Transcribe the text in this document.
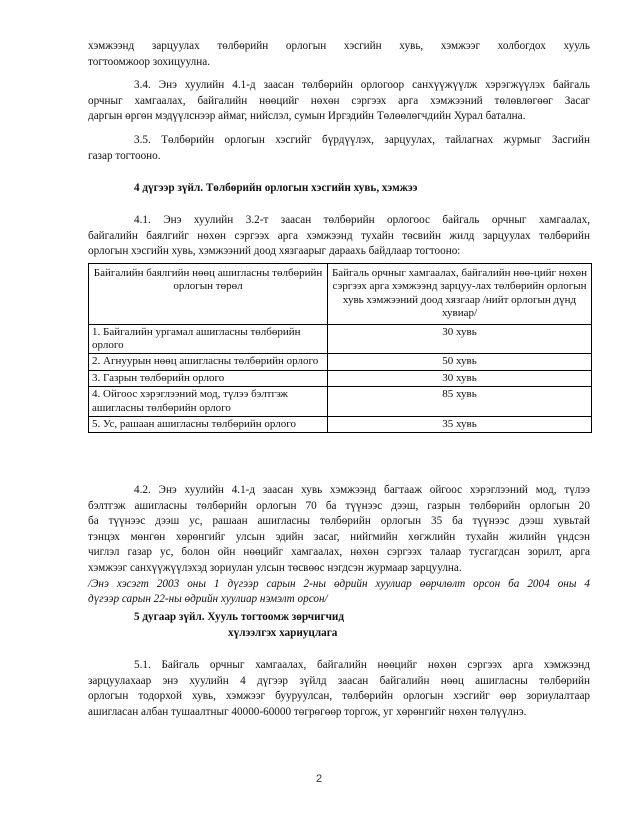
хэмжээнд зарцуулах төлбөрийн орлогын хэсгийн хувь, хэмжээг холбогдох хууль
тогтоомжоор зохицуулна.
3.4. Энэ хуулийн 4.1-д заасан төлбөрийн орлогоор санхүүжүүлж хэрэгжүүлэх байгаль
орчныг хамгаалах, байгалийн нөөцийг нөхөн сэргээх арга хэмжээний төлөвлөгөөг Засаг
даргын өргөн мэдүүлснээр аймаг, нийслэл, сумын Иргэдийн Төлөөлөгчдийн Хурал батална.
3.5. Төлбөрийн орлогын хэсгийг бүрдүүлэх, зарцуулах, тайлагнах журмыг Засгийн
газар тогтооно.
4 дүгээр зүйл. Төлбөрийн орлогын хэсгийн хувь, хэмжээ
4.1. Энэ хуулийн 3.2-т заасан төлбөрийн орлогоос байгаль орчныг хамгаалах,
байгалийн баялгийг нөхөн сэргээх арга хэмжээнд тухайн төсвийн жилд зарцуулах төлбөрийн
орлогын хэсгийн хувь, хэмжээний доод хязгаарыг дараахь байдлаар тогтооно:
Байгалийн баялгийн нөөц ашигласны төлбөрийн орлогын төрөл	Байгаль орчныг хамгаалах, байгалийн нөө-цийг нөхөн сэргээх арга хэмжээнд зарцуу-лах төлбөрийн орлогын хувь хэмжээний доод хязгаар /нийт орлогын дүнд хувиар/
1. Байгалийн ургамал ашигласны төлбөрийн орлого	30 хувь
2. Агнуурын нөөц ашигласны төлбөрийн орлого	50 хувь
3. Газрын төлбөрийн орлого	30 хувь
4. Ойгоос хэрэглээний мод, түлээ бэлтгэж ашигласны төлбөрийн орлого	85 хувь
5. Ус, рашаан ашигласны төлбөрийн орлого	35 хувь
4.2. Энэ хуулийн 4.1-д заасан хувь хэмжээнд багтааж ойгоос хэрэглээний мод, түлээ
бэлтгэж ашигласны төлбөрийн орлогын 70 ба түүнээс дээш, газрын төлбөрийн орлогын 20
ба түүнээс дээш ус, рашаан ашигласны төлбөрийн орлогын 35 ба түүнээс дээш хувьтай
тэнцэх мөнгөн хөрөнгийг улсын эдийн засаг, нийгмийн хөгжлийн тухайн жилийн үндсэн
чиглэл газар ус, болон ойн нөөцийг хамгаалах, нөхөн сэргээх талаар тусгагдсан зорилт, арга
хэмжээг санхүүжүүлэхэд зориулан улсын төсвөөс нэгдсэн журмаар зарцуулна.
/Энэ хэсэгт 2003 оны 1 дүгээр сарын 2-ны өдрийн хуулиар өөрчлөлт орсон ба 2004 оны 4
дүгээр сарын 22-ны өдрийн хуулиар нэмэлт орсон/
5 дугаар зүйл. Хууль тогтоомж зөрчигчид
хүлээлгэх хариуцлага
5.1. Байгаль орчныг хамгаалах, байгалийн нөөцийг нөхөн сэргээх арга хэмжээнд
зарцуулахаар энэ хуулийн 4 дүгээр зүйлд заасан байгалийн нөөц ашигласны төлбөрийн
орлогын тодорхой хувь, хэмжээг бууруулсан, төлбөрийн орлогын хэсгийг өөр зориулалтаар
ашигласан албан тушаалтныг 40000-60000 төгрөгөөр торгож, уг хөрөнгийг нөхөн төлүүлнэ.
2
